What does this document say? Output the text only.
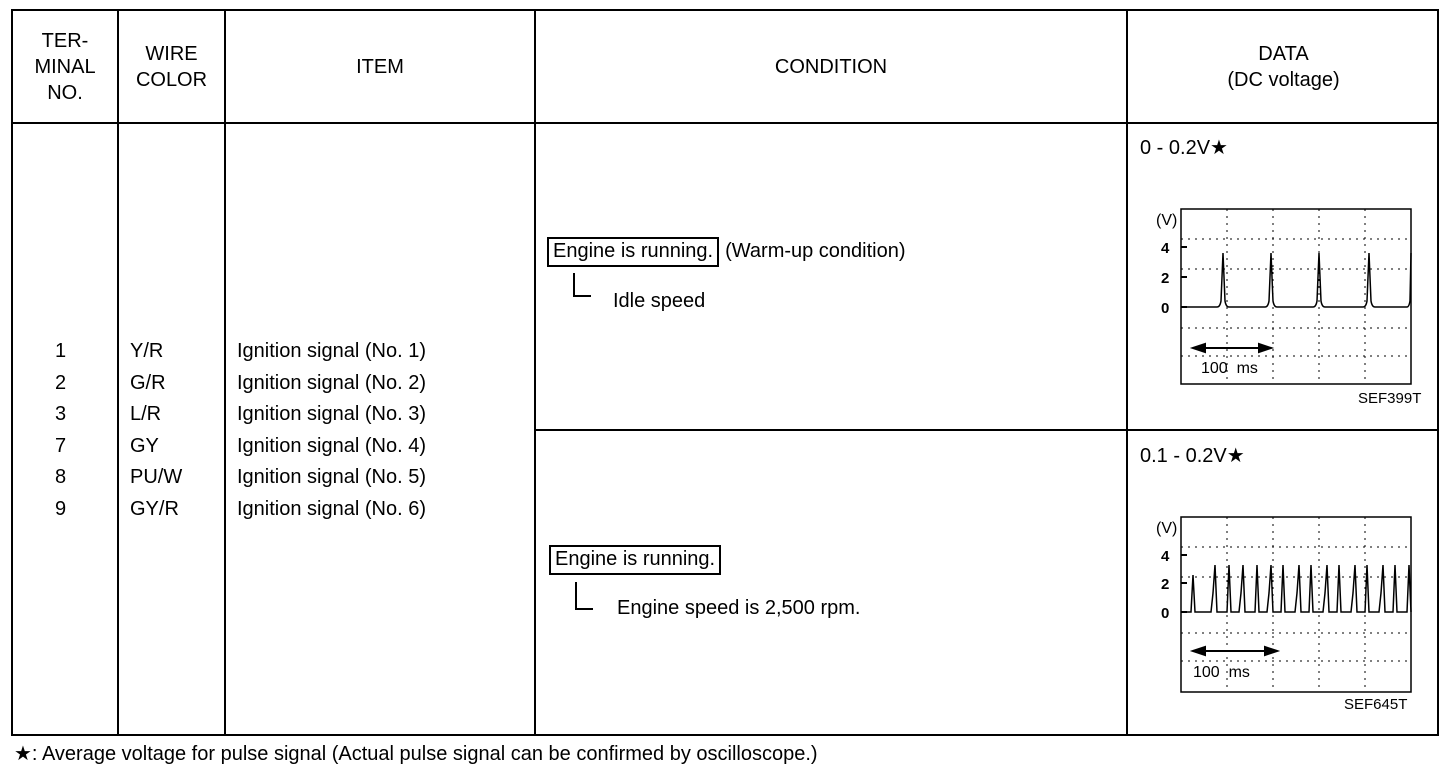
TER-
MINAL
NO.
WIRE
COLOR
ITEM	CONDITION
DATA
(DC voltage)
1
2
3
7
8
9
Y/R
G/R
L/R
GY
PU/W
GY/R
Ignition signal (No. 1)
Ignition signal (No. 2)
Ignition signal (No. 3)
Ignition signal (No. 4)
Ignition signal (No. 5)
Ignition signal (No. 6)
Engine is running. (Warm-up condition)
Idle speed
Engine is running.
Engine speed is 2,500 rpm.
0 - 0.2V★
(V)
4
2
0
100  ms
SEF399T
0.1 - 0.2V★
(V)
4
2
0
100  ms
SEF645T
★: Average voltage for pulse signal (Actual pulse signal can be confirmed by oscilloscope.)
